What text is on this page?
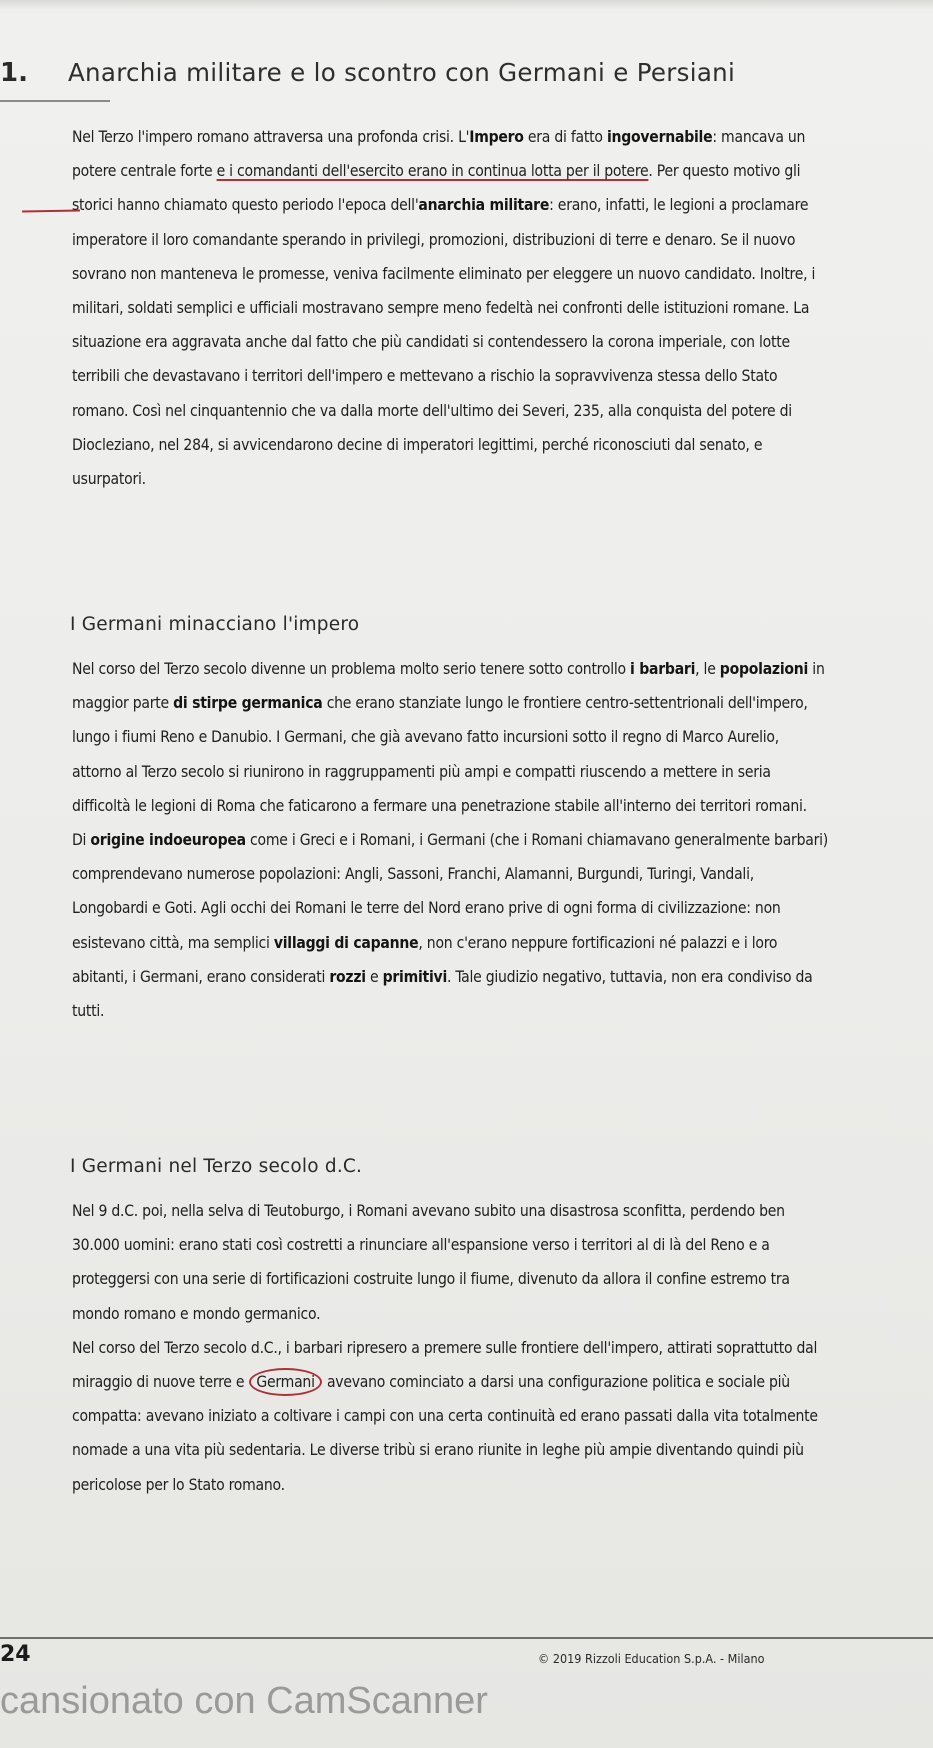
1. Anarchia militare e lo scontro con Germani e Persiani

Nel Terzo l'impero romano attraversa una profonda crisi. L'Impero era di fatto ingovernabile: mancava un potere centrale forte e i comandanti dell'esercito erano in continua lotta per il potere. Per questo motivo gli storici hanno chiamato questo periodo l'epoca dell'anarchia militare: erano, infatti, le legioni a proclamare imperatore il loro comandante sperando in privilegi, promozioni, distribuzioni di terre e denaro. Se il nuovo sovrano non manteneva le promesse, veniva facilmente eliminato per eleggere un nuovo candidato. Inoltre, i militari, soldati semplici e ufficiali mostravano sempre meno fedeltà nei confronti delle istituzioni romane. La situazione era aggravata anche dal fatto che più candidati si contendessero la corona imperiale, con lotte terribili che devastavano i territori dell'impero e mettevano a rischio la sopravvivenza stessa dello Stato romano. Così nel cinquantennio che va dalla morte dell'ultimo dei Severi, 235, alla conquista del potere di Diocleziano, nel 284, si avvicendarono decine di imperatori legittimi, perché riconosciuti dal senato, e usurpatori.

I Germani minacciano l'impero

Nel corso del Terzo secolo divenne un problema molto serio tenere sotto controllo i barbari, le popolazioni in maggior parte di stirpe germanica che erano stanziate lungo le frontiere centro-settentrionali dell'impero, lungo i fiumi Reno e Danubio. I Germani, che già avevano fatto incursioni sotto il regno di Marco Aurelio, attorno al Terzo secolo si riunirono in raggruppamenti più ampi e compatti riuscendo a mettere in seria difficoltà le legioni di Roma che faticarono a fermare una penetrazione stabile all'interno dei territori romani.

Di origine indoeuropea come i Greci e i Romani, i Germani (che i Romani chiamavano generalmente barbari) comprendevano numerose popolazioni: Angli, Sassoni, Franchi, Alamanni, Burgundi, Turingi, Vandali, Longobardi e Goti. Agli occhi dei Romani le terre del Nord erano prive di ogni forma di civilizzazione: non esistevano città, ma semplici villaggi di capanne, non c'erano neppure fortificazioni né palazzi e i loro abitanti, i Germani, erano considerati rozzi e primitivi. Tale giudizio negativo, tuttavia, non era condiviso da tutti.

I Germani nel Terzo secolo d.C.

Nel 9 d.C. poi, nella selva di Teutoburgo, i Romani avevano subito una disastrosa sconfitta, perdendo ben 30.000 uomini: erano stati così costretti a rinunciare all'espansione verso i territori al di là del Reno e a proteggersi con una serie di fortificazioni costruite lungo il fiume, divenuto da allora il confine estremo tra mondo romano e mondo germanico.

Nel corso del Terzo secolo d.C., i barbari ripresero a premere sulle frontiere dell'impero, attirati soprattutto dal miraggio di nuove terre e Germani avevano cominciato a darsi una configurazione politica e sociale più compatta: avevano iniziato a coltivare i campi con una certa continuità ed erano passati dalla vita totalmente nomade a una vita più sedentaria. Le diverse tribù si erano riunite in leghe più ampie diventando quindi più pericolose per lo Stato romano.

24	© 2019 Rizzoli Education S.p.A. - Milano
cansionato con CamScanner
